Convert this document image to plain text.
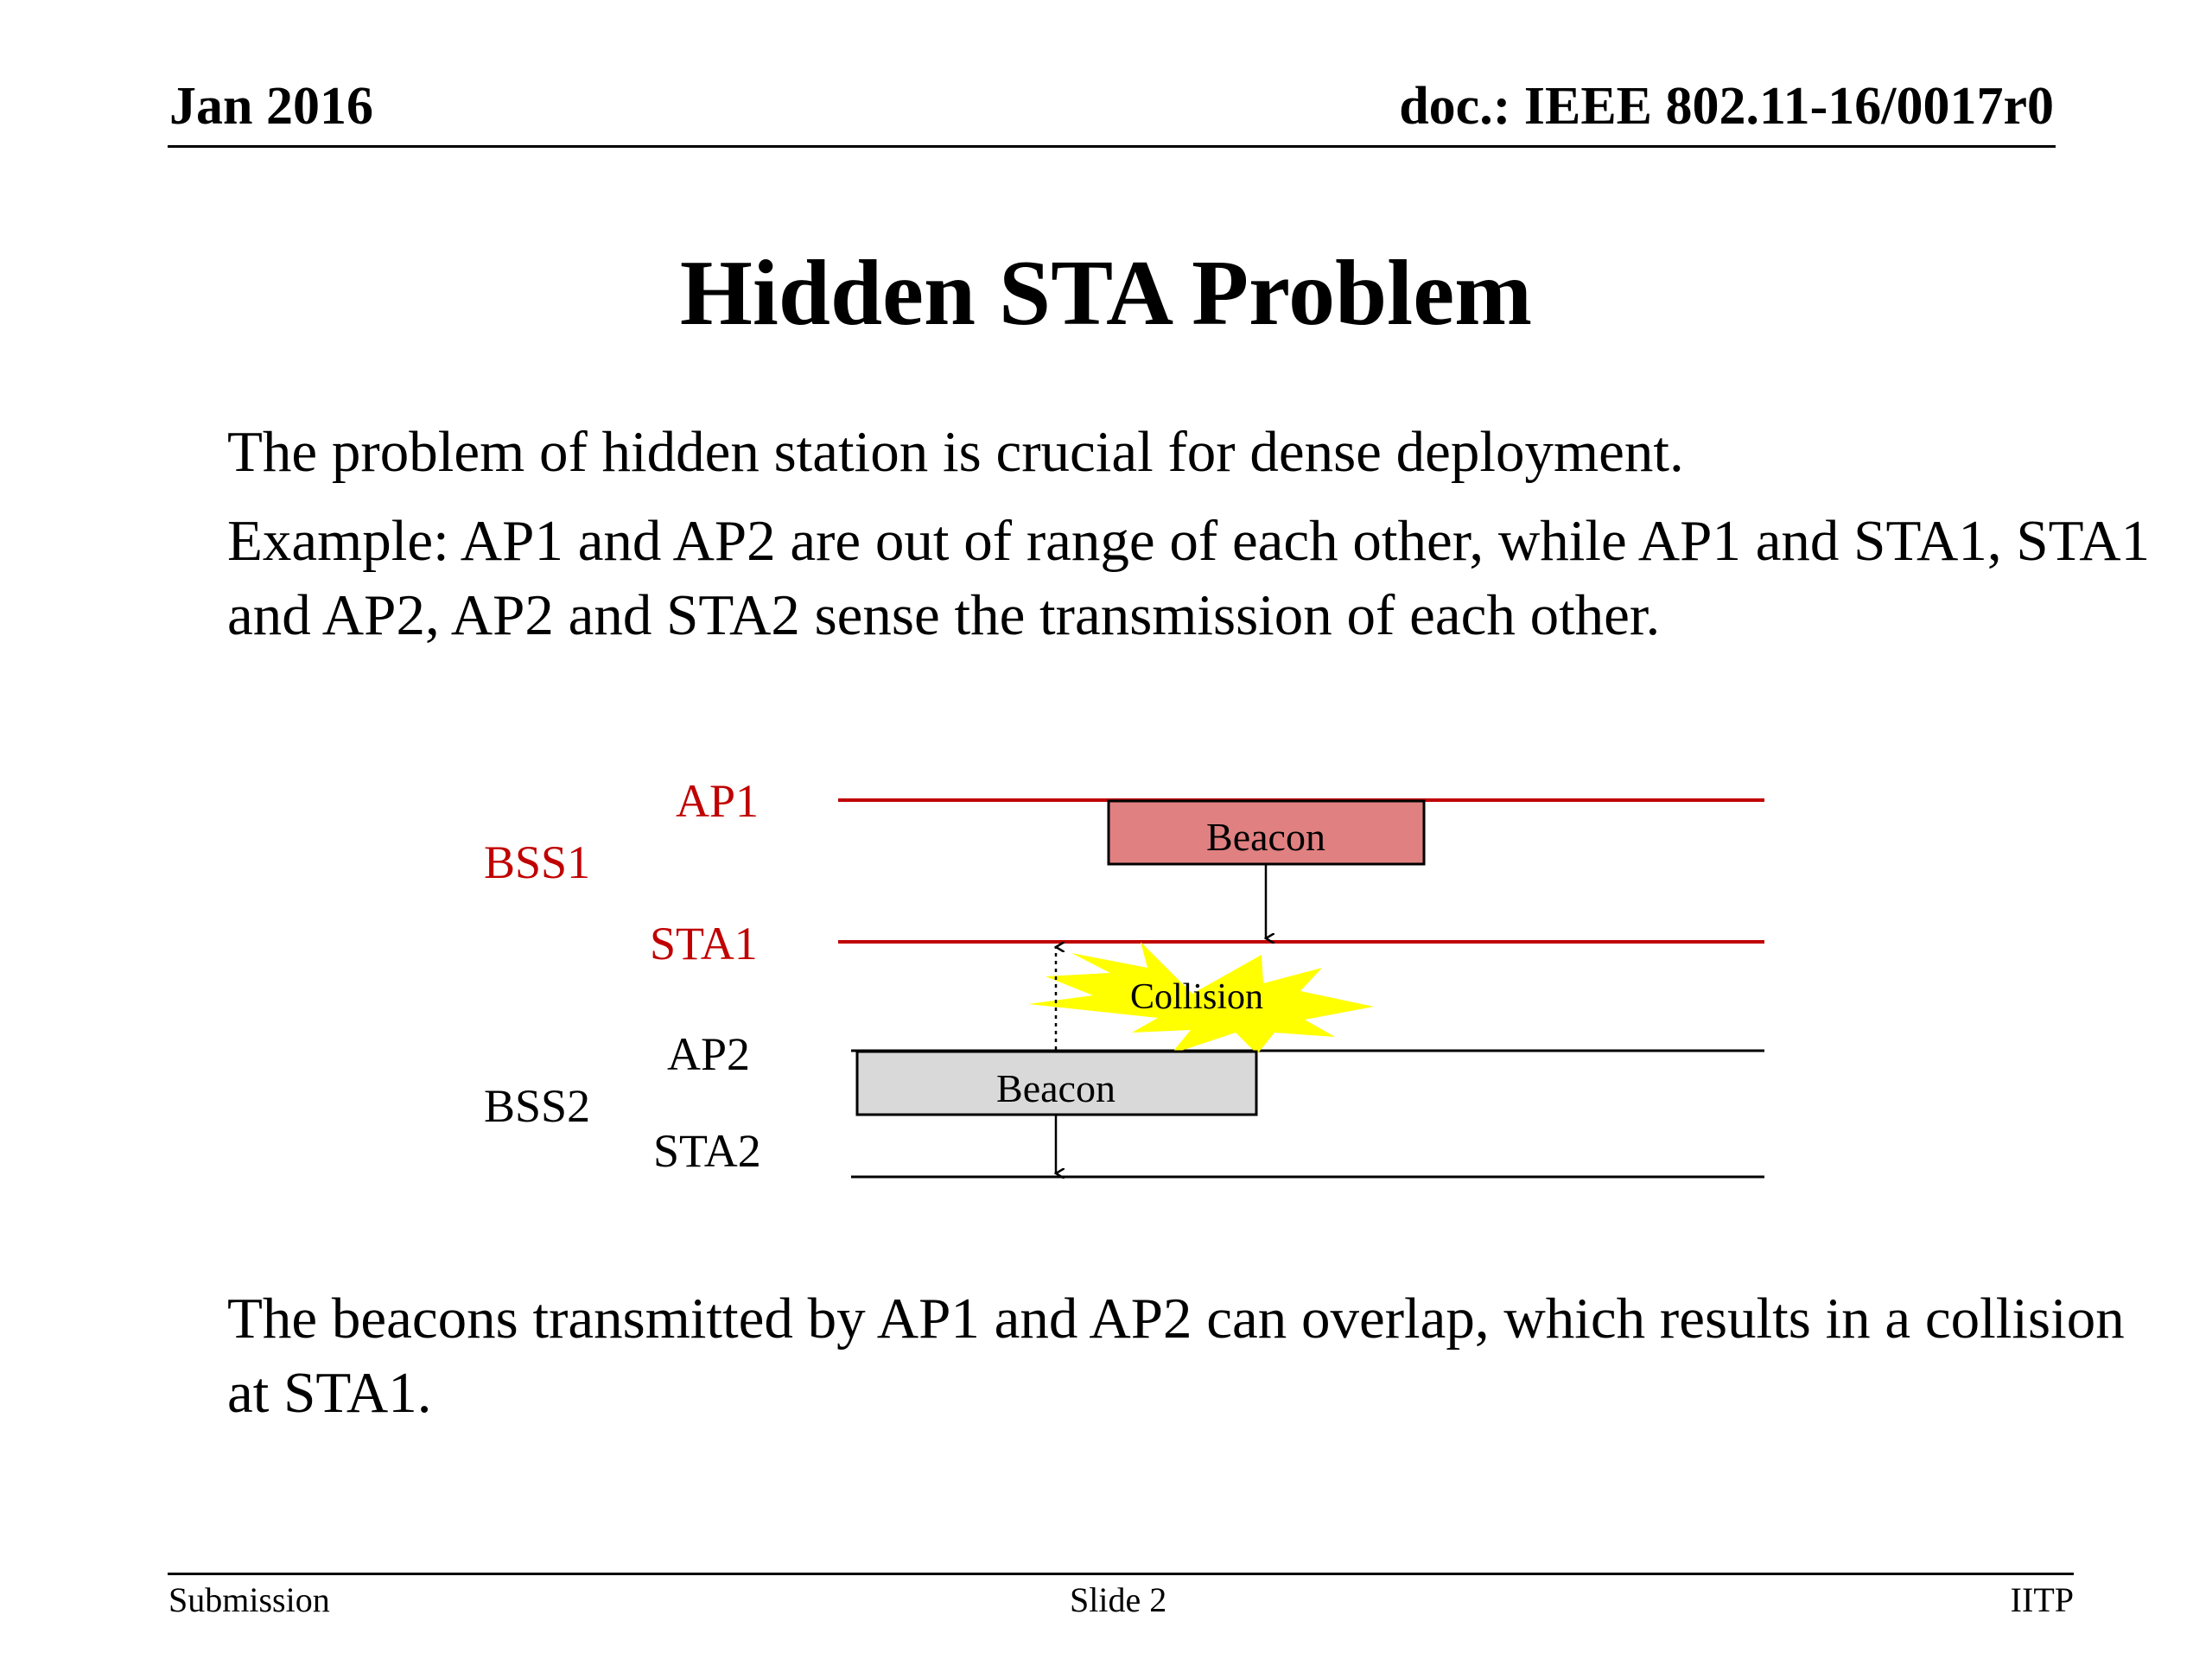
Jan 2016	doc.: IEEE 802.11-16/0017r0
Hidden STA Problem
The problem of hidden station is crucial for dense deployment.
Example: AP1 and AP2 are out of range of each other, while AP1 and STA1, STA1 and AP2, AP2 and STA2 sense the transmission of each other.
Collision
Beacon
Beacon
BSS1
AP1
STA1
BSS2
AP2
STA2
The beacons transmitted by AP1 and AP2 can overlap, which results in a collision at STA1.
Submission	Slide 2	IITP
